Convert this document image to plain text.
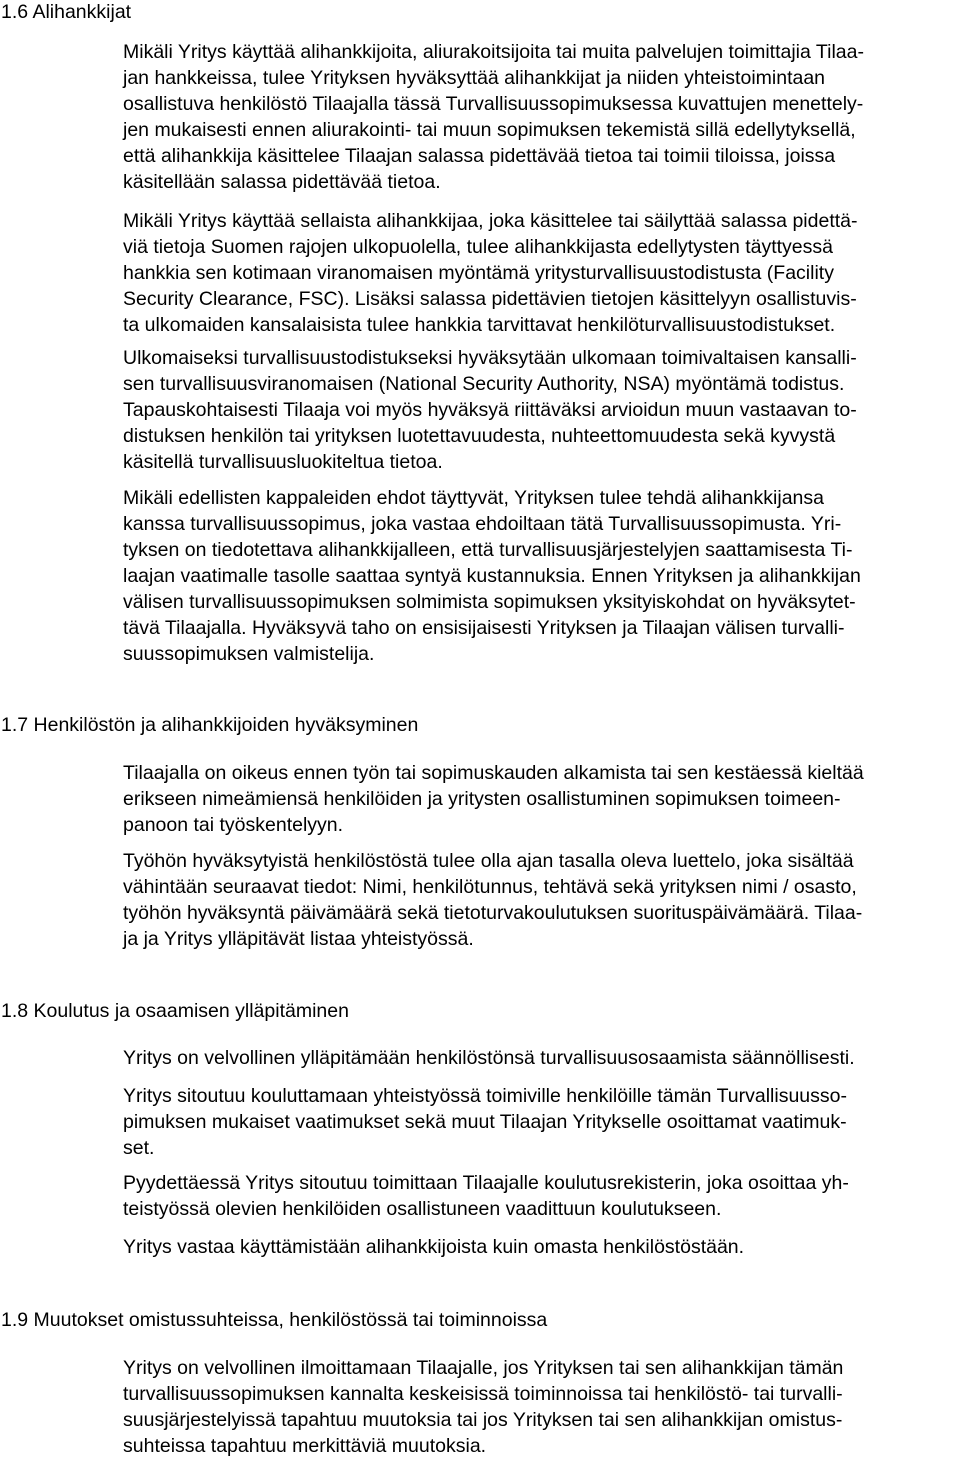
1.6 Alihankkijat

Mikäli Yritys käyttää alihankkijoita, aliurakoitsijoita tai muita palvelujen toimittajia Tilaa-
jan hankkeissa, tulee Yrityksen hyväksyttää alihankkijat ja niiden yhteistoimintaan
osallistuva henkilöstö Tilaajalla tässä Turvallisuussopimuksessa kuvattujen menettely-
jen mukaisesti ennen aliurakointi- tai muun sopimuksen tekemistä sillä edellytyksellä,
että alihankkija käsittelee Tilaajan salassa pidettävää tietoa tai toimii tiloissa, joissa
käsitellään salassa pidettävää tietoa.

Mikäli Yritys käyttää sellaista alihankkijaa, joka käsittelee tai säilyttää salassa pidettä-
viä tietoja Suomen rajojen ulkopuolella, tulee alihankkijasta edellytysten täyttyessä
hankkia sen kotimaan viranomaisen myöntämä yritysturvallisuustodistusta (Facility
Security Clearance, FSC). Lisäksi salassa pidettävien tietojen käsittelyyn osallistuvis-
ta ulkomaiden kansalaisista tulee hankkia tarvittavat henkilöturvallisuustodistukset.

Ulkomaiseksi turvallisuustodistukseksi hyväksytään ulkomaan toimivaltaisen kansalli-
sen turvallisuusviranomaisen (National Security Authority, NSA) myöntämä todistus.
Tapauskohtaisesti Tilaaja voi myös hyväksyä riittäväksi arvioidun muun vastaavan to-
distuksen henkilön tai yrityksen luotettavuudesta, nuhteettomuudesta sekä kyvystä
käsitellä turvallisuusluokiteltua tietoa.

Mikäli edellisten kappaleiden ehdot täyttyvät, Yrityksen tulee tehdä alihankkijansa
kanssa turvallisuussopimus, joka vastaa ehdoiltaan tätä Turvallisuussopimusta. Yri-
tyksen on tiedotettava alihankkijalleen, että turvallisuusjärjestelyjen saattamisesta Ti-
laajan vaatimalle tasolle saattaa syntyä kustannuksia. Ennen Yrityksen ja alihankkijan
välisen turvallisuussopimuksen solmimista sopimuksen yksityiskohdat on hyväksytet-
tävä Tilaajalla. Hyväksyvä taho on ensisijaisesti Yrityksen ja Tilaajan välisen turvalli-
suussopimuksen valmistelija.

1.7 Henkilöstön ja alihankkijoiden hyväksyminen

Tilaajalla on oikeus ennen työn tai sopimuskauden alkamista tai sen kestäessä kieltää
erikseen nimeämiensä henkilöiden ja yritysten osallistuminen sopimuksen toimeen-
panoon tai työskentelyyn.

Työhön hyväksytyistä henkilöstöstä tulee olla ajan tasalla oleva luettelo, joka sisältää
vähintään seuraavat tiedot: Nimi, henkilötunnus, tehtävä sekä yrityksen nimi / osasto,
työhön hyväksyntä päivämäärä sekä tietoturvakoulutuksen suorituspäivämäärä. Tilaa-
ja ja Yritys ylläpitävät listaa yhteistyössä.

1.8 Koulutus ja osaamisen ylläpitäminen

Yritys on velvollinen ylläpitämään henkilöstönsä turvallisuusosaamista säännöllisesti.

Yritys sitoutuu kouluttamaan yhteistyössä toimiville henkilöille tämän Turvallisuusso-
pimuksen mukaiset vaatimukset sekä muut Tilaajan Yritykselle osoittamat vaatimuk-
set.

Pyydettäessä Yritys sitoutuu toimittaan Tilaajalle koulutusrekisterin, joka osoittaa yh-
teistyössä olevien henkilöiden osallistuneen vaadittuun koulutukseen.

Yritys vastaa käyttämistään alihankkijoista kuin omasta henkilöstöstään.

1.9 Muutokset omistussuhteissa, henkilöstössä tai toiminnoissa

Yritys on velvollinen ilmoittamaan Tilaajalle, jos Yrityksen tai sen alihankkijan tämän
turvallisuussopimuksen kannalta keskeisissä toiminnoissa tai henkilöstö- tai turvalli-
suusjärjestelyissä tapahtuu muutoksia tai jos Yrityksen tai sen alihankkijan omistus-
suhteissa tapahtuu merkittäviä muutoksia.
